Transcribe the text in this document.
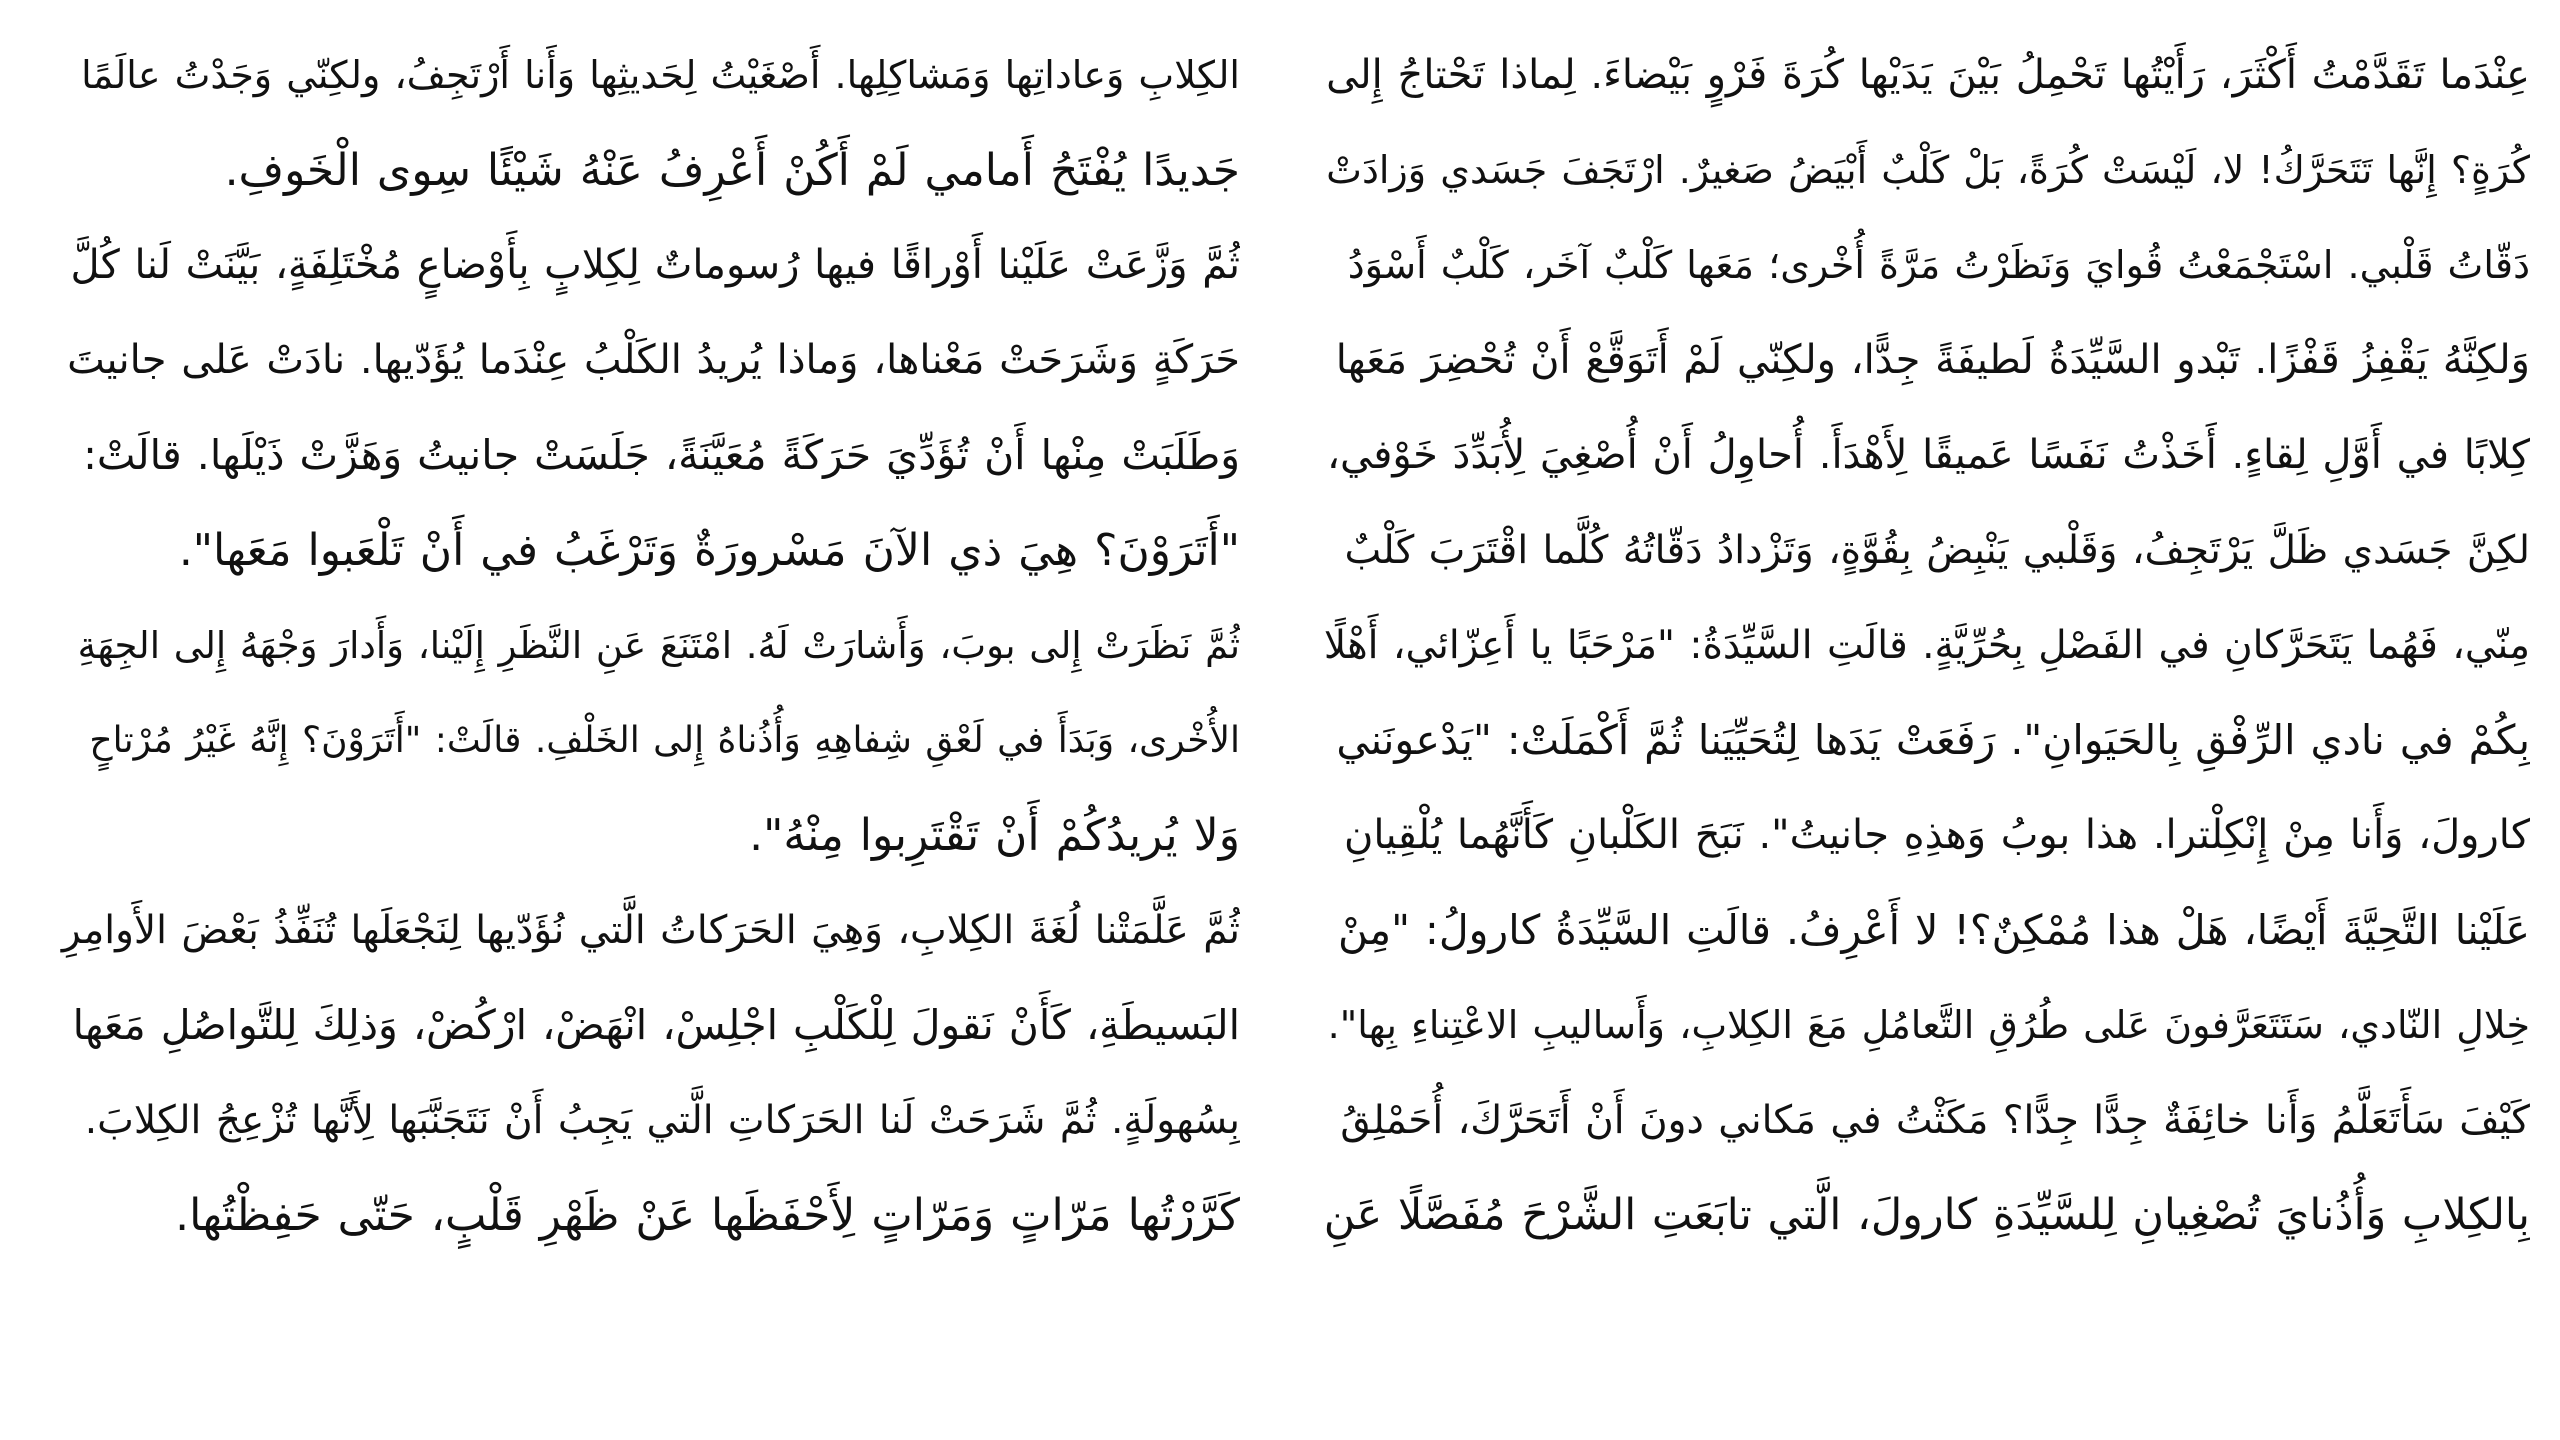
عِنْدَما تَقَدَّمْتُ أَكْثَرَ، رَأَيْتُها تَحْمِلُ بَيْنَ يَدَيْها كُرَةَ فَرْوٍ بَيْضاءَ. لِماذا تَحْتاجُ إِلى
كُرَةٍ؟ إِنَّها تَتَحَرَّكُ! لا، لَيْسَتْ كُرَةً، بَلْ كَلْبٌ أَبْيَضُ صَغيرٌ. ارْتَجَفَ جَسَدي وَزادَتْ
دَقّاتُ قَلْبي. اسْتَجْمَعْتُ قُوايَ وَنَظَرْتُ مَرَّةً أُخْرى؛ مَعَها كَلْبٌ آخَر، كَلْبٌ أَسْوَدُ
وَلكِنَّهُ يَقْفِزُ قَفْزًا. تَبْدو السَّيِّدَةُ لَطيفَةً جِدًّا، ولكِنّي لَمْ أَتَوَقَّعْ أَنْ تُحْضِرَ مَعَها
كِلابًا في أَوَّلِ لِقاءٍ. أَخَذْتُ نَفَسًا عَميقًا لِأَهْدَأَ. أُحاوِلُ أَنْ أُصْغِيَ لِأُبَدِّدَ خَوْفي،
لكِنَّ جَسَدي ظَلَّ يَرْتَجِفُ، وَقَلْبي يَنْبِضُ بِقُوَّةٍ، وَتَزْدادُ دَقّاتُهُ كُلَّما اقْتَرَبَ كَلْبٌ
مِنّي، فَهُما يَتَحَرَّكانِ في الفَصْلِ بِحُرِّيَّةٍ. قالَتِ السَّيِّدَةُ: "مَرْحَبًا يا أَعِزّائي، أَهْلًا
بِكُمْ في نادي الرِّفْقِ بِالحَيَوانِ". رَفَعَتْ يَدَها لِتُحَيِّيَنا ثُمَّ أَكْمَلَتْ: "يَدْعونَني
كارولَ، وَأَنا مِنْ إِنْكِلْترا. هذا بوبُ وَهذِهِ جانيتُ". نَبَحَ الكَلْبانِ كَأَنَّهُما يُلْقِيانِ
عَلَيْنا التَّحِيَّةَ أَيْضًا، هَلْ هذا مُمْكِنٌ؟! لا أَعْرِفُ. قالَتِ السَّيِّدَةُ كارولُ: "مِنْ
خِلالِ النّادي، سَتَتَعَرَّفونَ عَلى طُرُقِ التَّعامُلِ مَعَ الكِلابِ، وَأَساليبِ الاعْتِناءِ بِها".
كَيْفَ سَأَتَعَلَّمُ وَأَنا خائِفَةٌ جِدًّا جِدًّا؟ مَكَثْتُ في مَكاني دونَ أَنْ أَتَحَرَّكَ، أُحَمْلِقُ
بِالكِلابِ وَأُذُنايَ تُصْغِيانِ لِلسَّيِّدَةِ كارولَ، الَّتي تابَعَتِ الشَّرْحَ مُفَصَّلًا عَنِ
الكِلابِ وَعاداتِها وَمَشاكِلِها. أَصْغَيْتُ لِحَديثِها وَأَنا أَرْتَجِفُ، ولكِنّي وَجَدْتُ عالَمًا
جَديدًا يُفْتَحُ أَمامي لَمْ أَكُنْ أَعْرِفُ عَنْهُ شَيْئًا سِوى الْخَوفِ.
ثُمَّ وَزَّعَتْ عَلَيْنا أَوْراقًا فيها رُسوماتٌ لِكِلابٍ بِأَوْضاعٍ مُخْتَلِفَةٍ، بَيَّنَتْ لَنا كُلَّ
حَرَكَةٍ وَشَرَحَتْ مَعْناها، وَماذا يُريدُ الكَلْبُ عِنْدَما يُؤَدّيها. نادَتْ عَلى جانيتَ
وَطَلَبَتْ مِنْها أَنْ تُؤَدِّيَ حَرَكَةً مُعَيَّنَةً، جَلَسَتْ جانيتُ وَهَزَّتْ ذَيْلَها. قالَتْ:
"أَتَرَوْنَ؟ هِيَ ذي الآنَ مَسْرورَةٌ وَتَرْغَبُ في أَنْ تَلْعَبوا مَعَها".
ثُمَّ نَظَرَتْ إِلى بوبَ، وَأَشارَتْ لَهُ. امْتَنَعَ عَنِ النَّظَرِ إِلَيْنا، وَأَدارَ وَجْهَهُ إِلى الجِهَةِ
الأُخْرى، وَبَدَأَ في لَعْقِ شِفاهِهِ وَأُذُناهُ إِلى الخَلْفِ. قالَتْ: "أَتَرَوْنَ؟ إِنَّهُ غَيْرُ مُرْتاحٍ
وَلا يُريدُكُمْ أَنْ تَقْتَرِبوا مِنْهُ".
ثُمَّ عَلَّمَتْنا لُغَةَ الكِلابِ، وَهِيَ الحَرَكاتُ الَّتي نُؤَدّيها لِنَجْعَلَها تُنَفِّذُ بَعْضَ الأَوامِرِ
البَسيطَةِ، كَأَنْ نَقولَ لِلْكَلْبِ اجْلِسْ، انْهَضْ، ارْكُضْ، وَذلِكَ لِلتَّواصُلِ مَعَها
بِسُهولَةٍ. ثُمَّ شَرَحَتْ لَنا الحَرَكاتِ الَّتي يَجِبُ أَنْ نَتَجَنَّبَها لِأَنَّها تُزْعِجُ الكِلابَ.
كَرَّرْتُها مَرّاتٍ وَمَرّاتٍ لِأَحْفَظَها عَنْ ظَهْرِ قَلْبٍ، حَتّى حَفِظْتُها.
